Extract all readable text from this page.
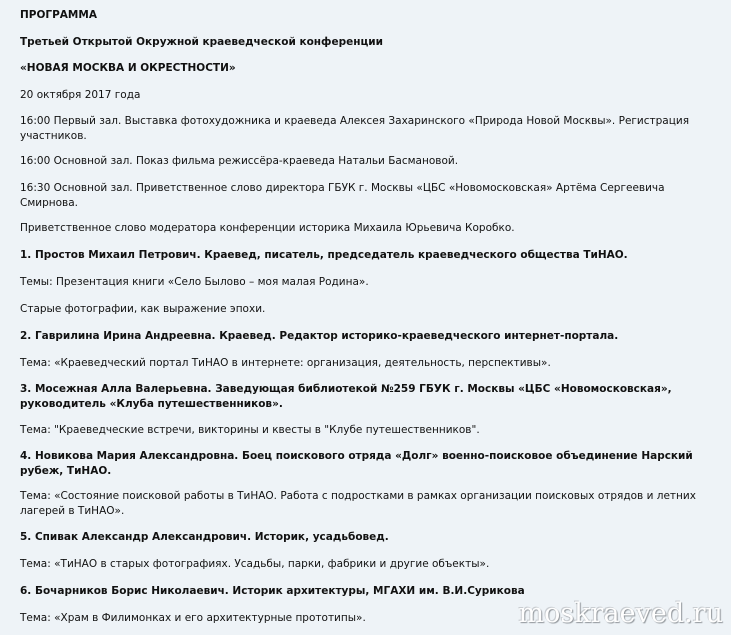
ПРОГРАММА

Третьей Открытой Окружной краеведческой конференции

«НОВАЯ МОСКВА И ОКРЕСТНОСТИ»

20 октября 2017 года

16:00 Первый зал. Выставка фотохудожника и краеведа Алексея Захаринского «Природа Новой Москвы». Регистрация участников.

16:00 Основной зал. Показ фильма режиссёра-краеведа Натальи Басмановой.

16:30 Основной зал. Приветственное слово директора ГБУК г. Москвы «ЦБС «Новомосковская» Артёма Сергеевича Смирнова.

Приветственное слово модератора конференции историка Михаила Юрьевича Коробко.

1. Простов Михаил Петрович. Краевед, писатель, председатель краеведческого общества ТиНАО.

Темы: Презентация книги «Село Былово – моя малая Родина».

Старые фотографии, как выражение эпохи.

2. Гаврилина Ирина Андреевна. Краевед. Редактор историко-краеведческого интернет-портала.

Тема: «Краеведческий портал ТиНАО в интернете: организация, деятельность, перспективы».

3. Мосежная Алла Валерьевна. Заведующая библиотекой №259 ГБУК г. Москвы «ЦБС «Новомосковская», руководитель «Клуба путешественников».

Тема: "Краеведческие встречи, викторины и квесты в "Клубе путешественников".

4. Новикова Мария Александровна. Боец поискового отряда «Долг» военно-поисковое объединение Нарский рубеж, ТиНАО.

Тема: «Состояние поисковой работы в ТиНАО. Работа с подростками в рамках организации поисковых отрядов и летних лагерей в ТиНАО».

5. Спивак Александр Александрович. Историк, усадьбовед.

Тема: «ТиНАО в старых фотографиях. Усадьбы, парки, фабрики и другие объекты».

6. Бочарников Борис Николаевич. Историк архитектуры, МГАХИ им. В.И.Сурикова

Тема: «Храм в Филимонках и его архитектурные прототипы».	moskraeved.ru
